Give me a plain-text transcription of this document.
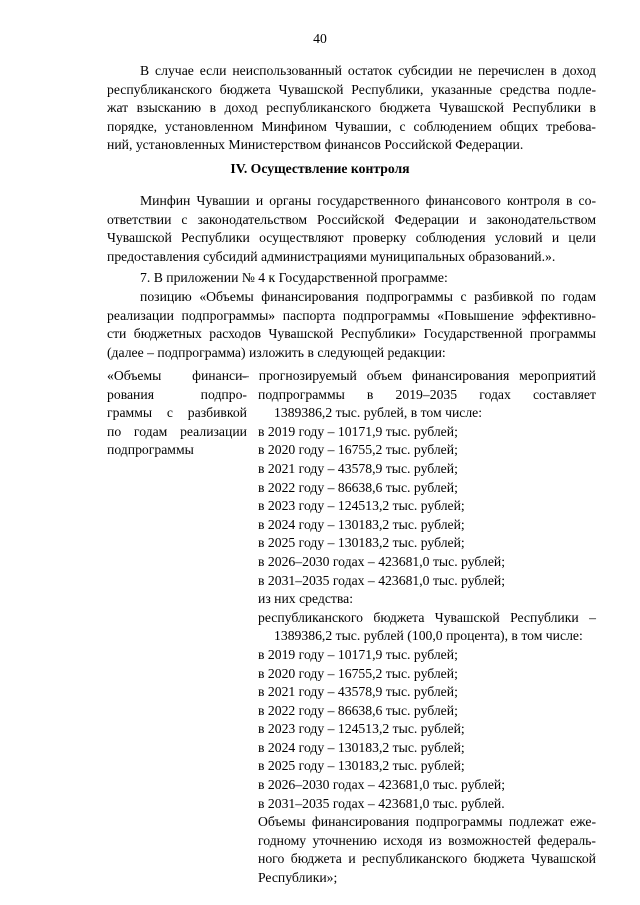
40
В случае если неиспользованный остаток субсидии не перечислен в доход
республиканского бюджета Чувашской Республики, указанные средства подле-
жат взысканию в доход республиканского бюджета Чувашской Республики в
порядке, установленном Минфином Чувашии, с соблюдением общих требова-
ний, установленных Министерством финансов Российской Федерации.
IV. Осуществление контроля
Минфин Чувашии и органы государственного финансового контроля в со-
ответствии с законодательством Российской Федерации и законодательством
Чувашской Республики осуществляют проверку соблюдения условий и цели
предоставления субсидий администрациями муниципальных образований.».
7. В приложении № 4 к Государственной программе:
позицию «Объемы финансирования подпрограммы с разбивкой по годам
реализации подпрограммы» паспорта подпрограммы «Повышение эффективно-
сти бюджетных расходов Чувашской Республики» Государственной программы
(далее – подпрограмма) изложить в следующей редакции:
«Объемы финанси-
рования подпро-
граммы с разбивкой
по годам реализации
подпрограммы
– прогнозируемый объем финансирования мероприятий
подпрограммы в 2019–2035 годах составляет
1389386,2 тыс. рублей, в том числе:
в 2019 году – 10171,9 тыс. рублей;
в 2020 году – 16755,2 тыс. рублей;
в 2021 году – 43578,9 тыс. рублей;
в 2022 году – 86638,6 тыс. рублей;
в 2023 году – 124513,2 тыс. рублей;
в 2024 году – 130183,2 тыс. рублей;
в 2025 году – 130183,2 тыс. рублей;
в 2026–2030 годах – 423681,0 тыс. рублей;
в 2031–2035 годах – 423681,0 тыс. рублей;
из них средства:
республиканского бюджета Чувашской Республики –
1389386,2 тыс. рублей (100,0 процента), в том числе:
в 2019 году – 10171,9 тыс. рублей;
в 2020 году – 16755,2 тыс. рублей;
в 2021 году – 43578,9 тыс. рублей;
в 2022 году – 86638,6 тыс. рублей;
в 2023 году – 124513,2 тыс. рублей;
в 2024 году – 130183,2 тыс. рублей;
в 2025 году – 130183,2 тыс. рублей;
в 2026–2030 годах – 423681,0 тыс. рублей;
в 2031–2035 годах – 423681,0 тыс. рублей.
Объемы финансирования подпрограммы подлежат еже-
годному уточнению исходя из возможностей федераль-
ного бюджета и республиканского бюджета Чувашской
Республики»;
